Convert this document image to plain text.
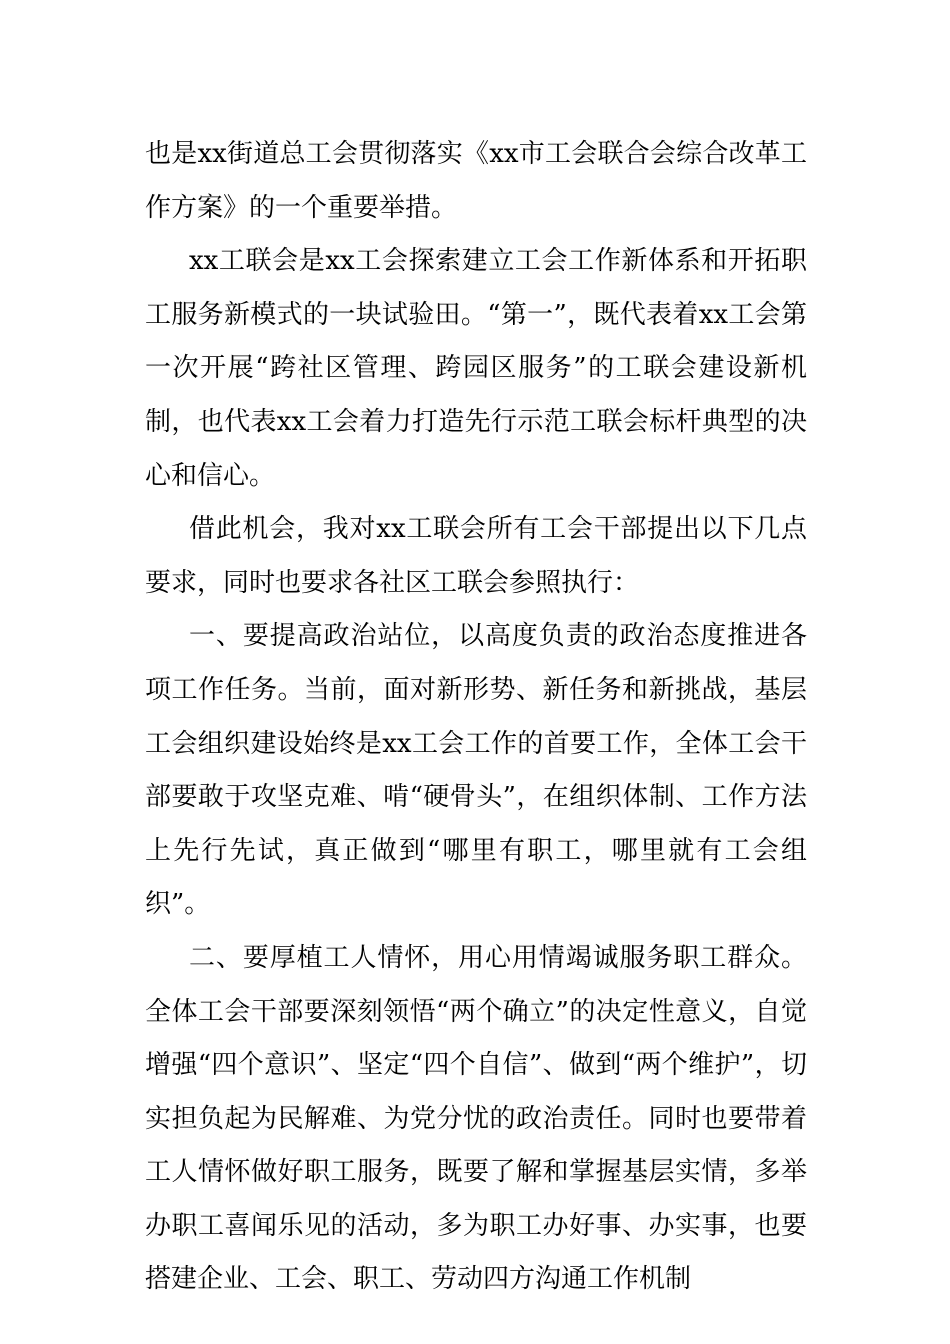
也是xx街道总工会贯彻落实《xx市工会联合会综合改革工作方案》的一个重要举措。

xx工联会是xx工会探索建立工会工作新体系和开拓职工服务新模式的一块试验田。“第一”，既代表着xx工会第一次开展“跨社区管理、跨园区服务”的工联会建设新机制，也代表xx工会着力打造先行示范工联会标杆典型的决心和信心。

借此机会，我对xx工联会所有工会干部提出以下几点要求，同时也要求各社区工联会参照执行：

一、要提高政治站位，以高度负责的政治态度推进各项工作任务。当前，面对新形势、新任务和新挑战，基层工会组织建设始终是xx工会工作的首要工作，全体工会干部要敢于攻坚克难、啃“硬骨头”，在组织体制、工作方法上先行先试，真正做到“哪里有职工，哪里就有工会组织”。

二、要厚植工人情怀，用心用情竭诚服务职工群众。全体工会干部要深刻领悟“两个确立”的决定性意义，自觉增强“四个意识”、坚定“四个自信”、做到“两个维护”，切实担负起为民解难、为党分忧的政治责任。同时也要带着工人情怀做好职工服务，既要了解和掌握基层实情，多举办职工喜闻乐见的活动，多为职工办好事、办实事，也要搭建企业、工会、职工、劳动四方沟通工作机制
